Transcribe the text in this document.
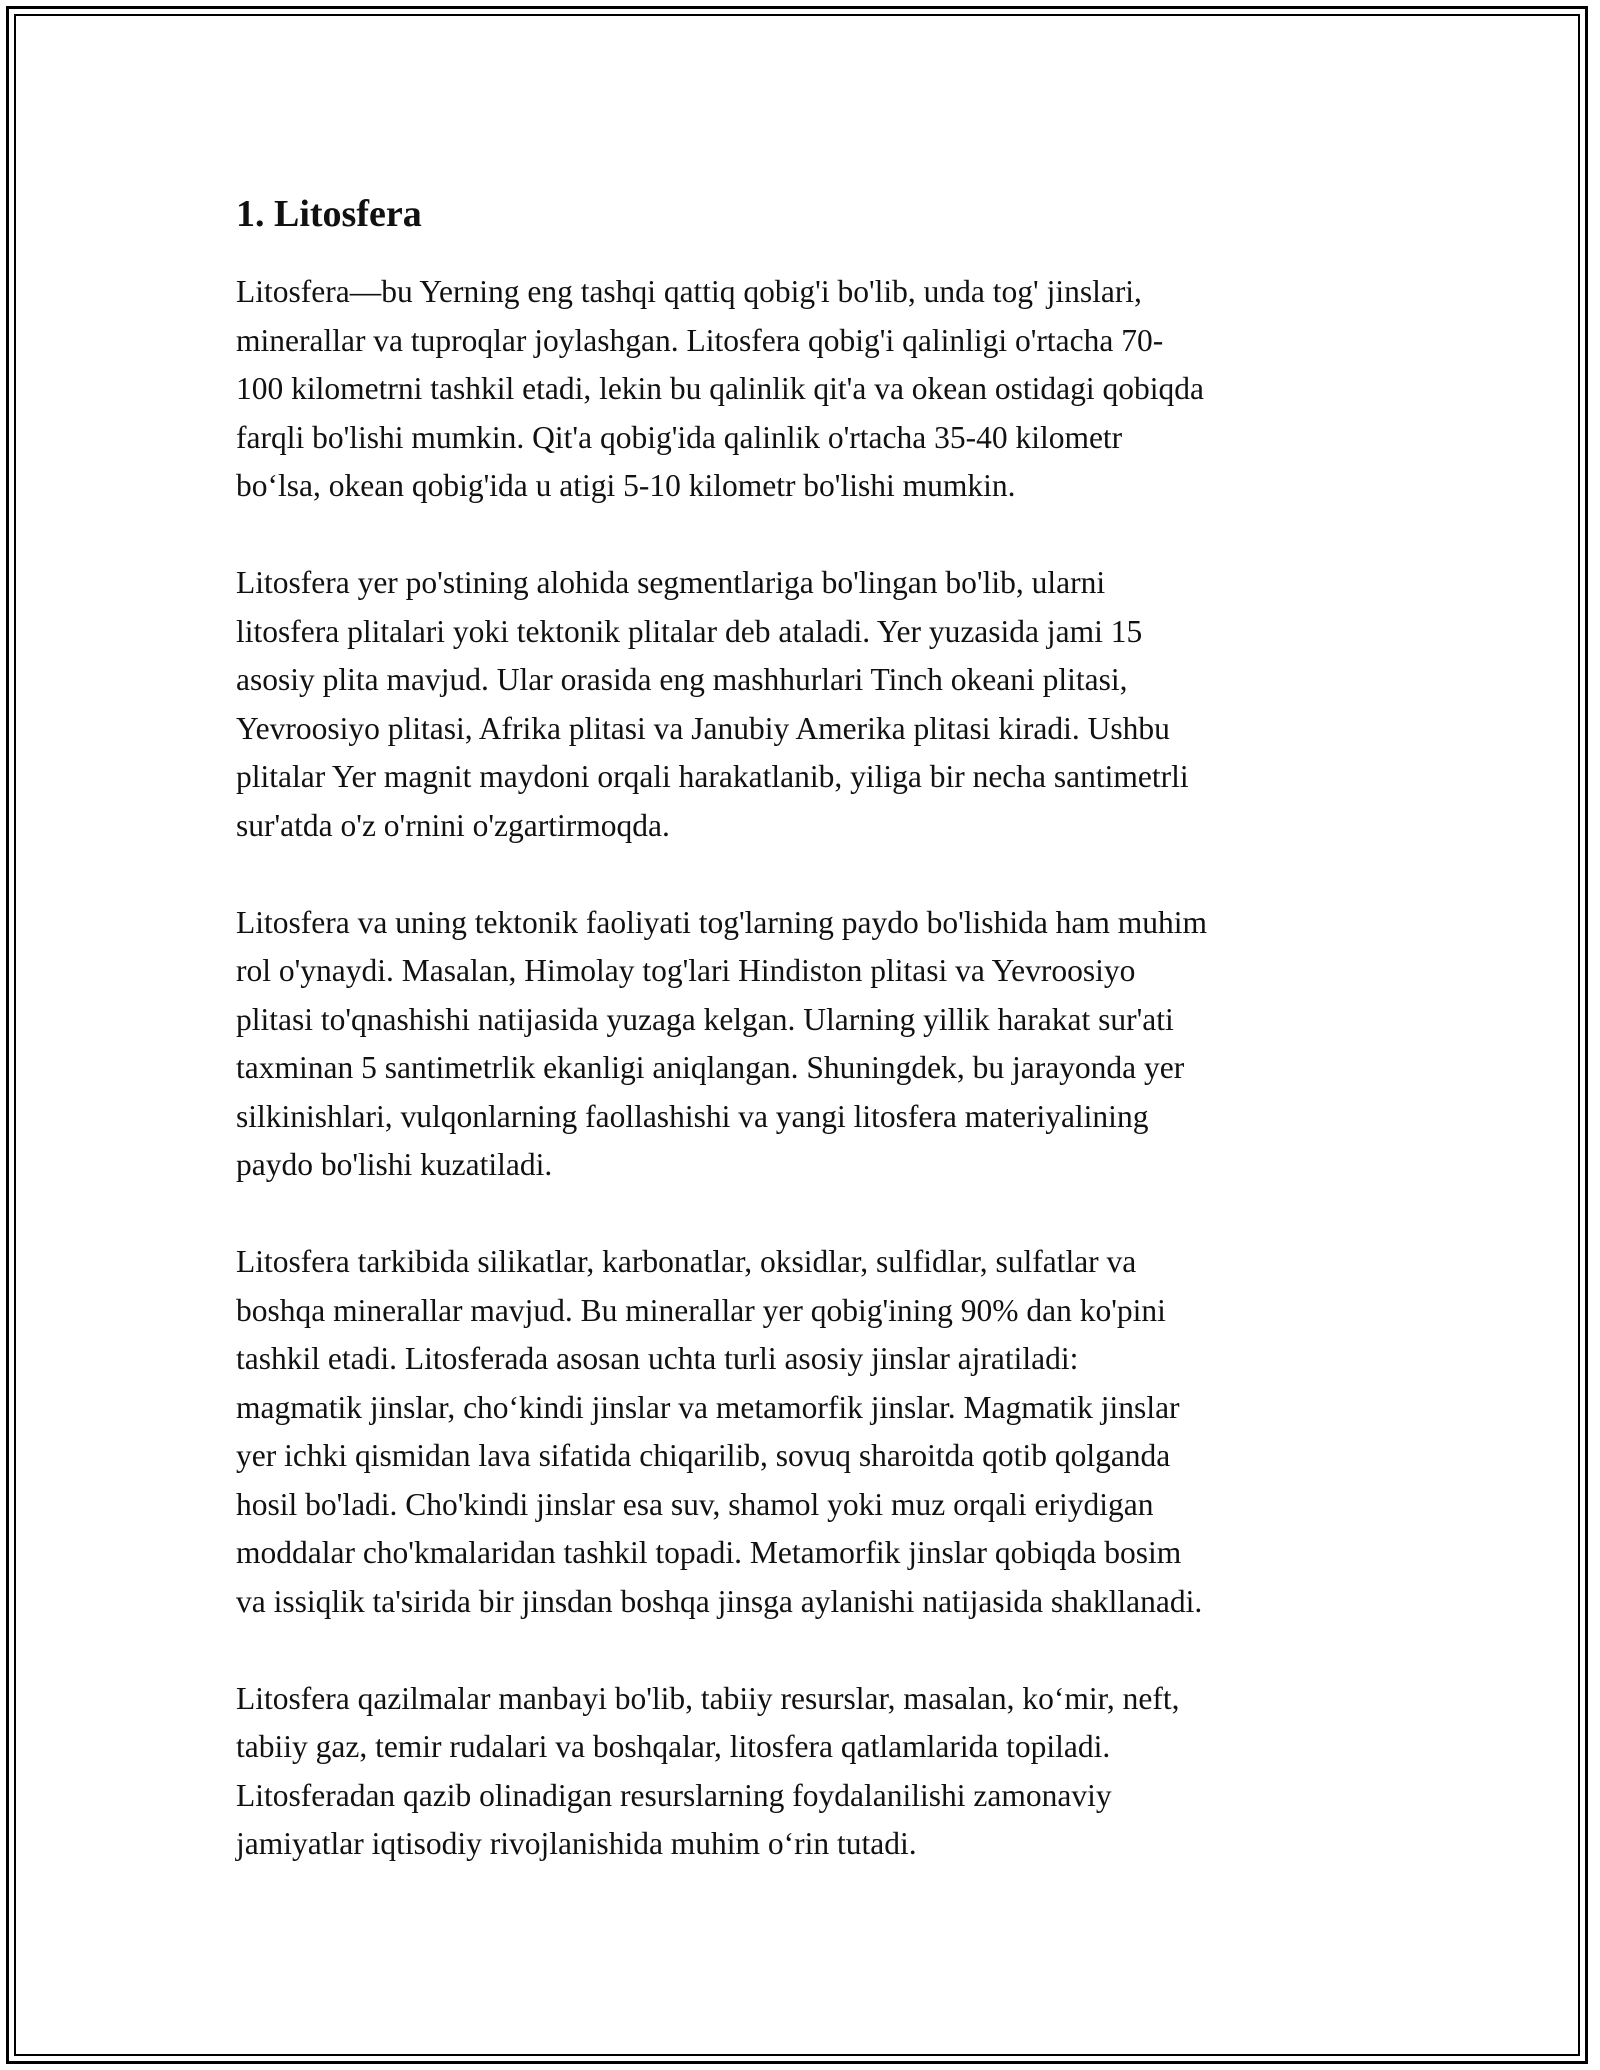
1. Litosfera
Litosfera—bu Yerning eng tashqi qattiq qobig'i bo'lib, unda tog' jinslari,
minerallar va tuproqlar joylashgan. Litosfera qobig'i qalinligi o'rtacha 70-
100 kilometrni tashkil etadi, lekin bu qalinlik qit'a va okean ostidagi qobiqda
farqli bo'lishi mumkin. Qit'a qobig'ida qalinlik o'rtacha 35-40 kilometr
bo‘lsa, okean qobig'ida u atigi 5-10 kilometr bo'lishi mumkin.
Litosfera yer po'stining alohida segmentlariga bo'lingan bo'lib, ularni
litosfera plitalari yoki tektonik plitalar deb ataladi. Yer yuzasida jami 15
asosiy plita mavjud. Ular orasida eng mashhurlari Tinch okeani plitasi,
Yevroosiyo plitasi, Afrika plitasi va Janubiy Amerika plitasi kiradi. Ushbu
plitalar Yer magnit maydoni orqali harakatlanib, yiliga bir necha santimetrli
sur'atda o'z o'rnini o'zgartirmoqda.
Litosfera va uning tektonik faoliyati tog'larning paydo bo'lishida ham muhim
rol o'ynaydi. Masalan, Himolay tog'lari Hindiston plitasi va Yevroosiyo
plitasi to'qnashishi natijasida yuzaga kelgan. Ularning yillik harakat sur'ati
taxminan 5 santimetrlik ekanligi aniqlangan. Shuningdek, bu jarayonda yer
silkinishlari, vulqonlarning faollashishi va yangi litosfera materiyalining
paydo bo'lishi kuzatiladi.
Litosfera tarkibida silikatlar, karbonatlar, oksidlar, sulfidlar, sulfatlar va
boshqa minerallar mavjud. Bu minerallar yer qobig'ining 90% dan ko'pini
tashkil etadi. Litosferada asosan uchta turli asosiy jinslar ajratiladi:
magmatik jinslar, cho‘kindi jinslar va metamorfik jinslar. Magmatik jinslar
yer ichki qismidan lava sifatida chiqarilib, sovuq sharoitda qotib qolganda
hosil bo'ladi. Cho'kindi jinslar esa suv, shamol yoki muz orqali eriydigan
moddalar cho'kmalaridan tashkil topadi. Metamorfik jinslar qobiqda bosim
va issiqlik ta'sirida bir jinsdan boshqa jinsga aylanishi natijasida shakllanadi.
Litosfera qazilmalar manbayi bo'lib, tabiiy resurslar, masalan, ko‘mir, neft,
tabiiy gaz, temir rudalari va boshqalar, litosfera qatlamlarida topiladi.
Litosferadan qazib olinadigan resurslarning foydalanilishi zamonaviy
jamiyatlar iqtisodiy rivojlanishida muhim o‘rin tutadi.
